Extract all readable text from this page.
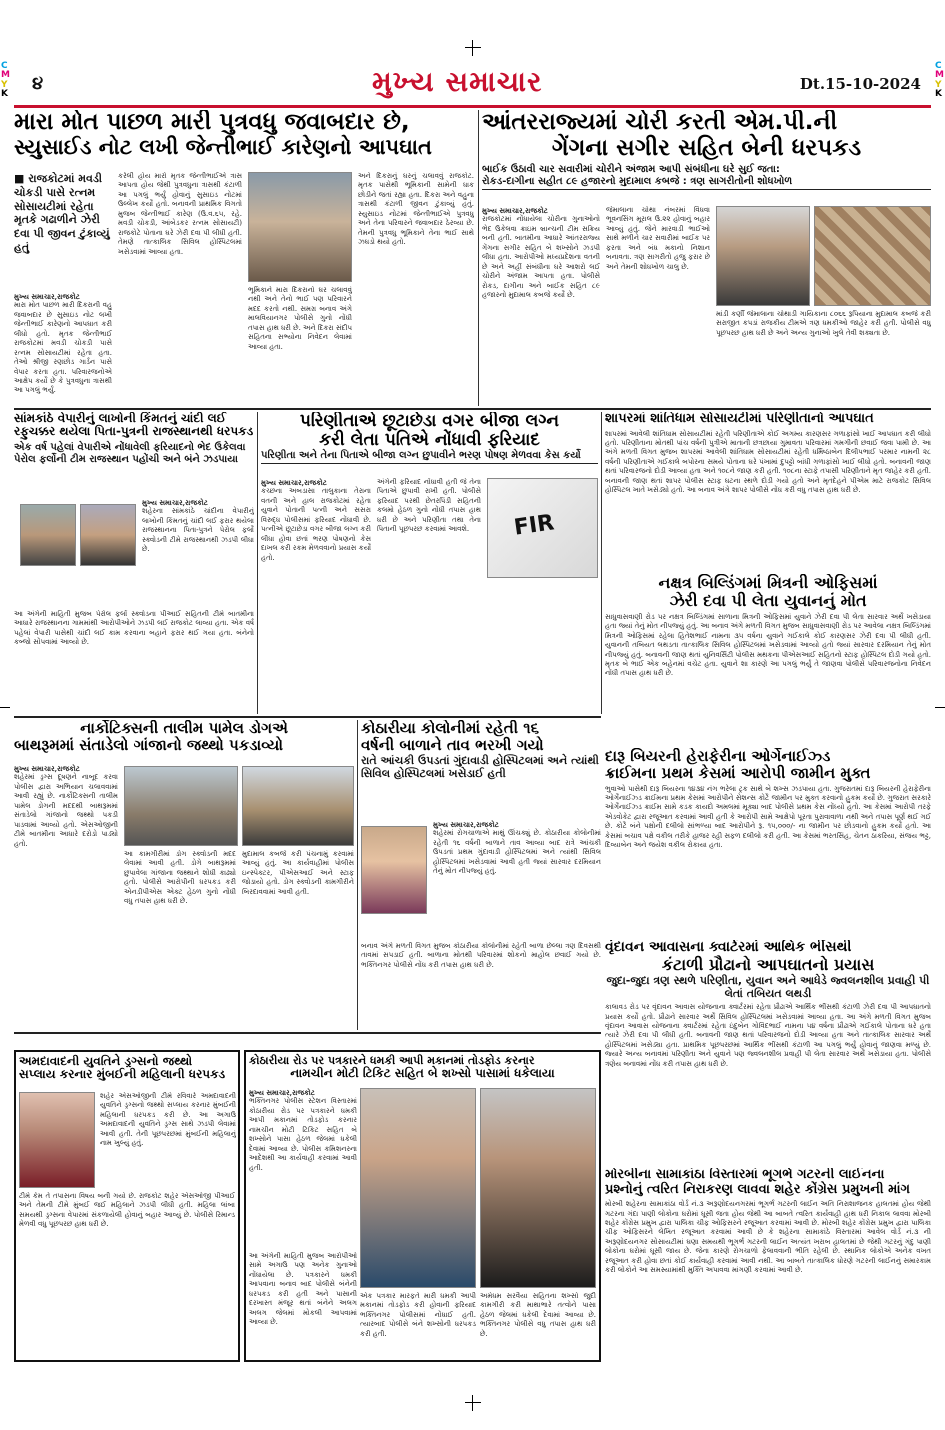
C
M
Y
K
C
M
Y
K
૪	મુખ્ય સમાચાર	Dt.15-10-2024
મારા મોત પાછળ મારી પુત્રવધુ જવાબદાર છે,
સ્યુસાઈડ નોટ લખી જેન્તીભાઈ કારેણનો આપઘાત

■ રાજકોટમાં મવડી ચોકડી પાસે રત્નમ સોસાયટીમાં રહેતા મૃતકે ગઢાળીને ઝેરી દવા પી જીવન ટુંકાવ્યું હતું

મુખ્ય સમાચાર,રાજકોટ

મારા મોત પાછળ મારી દિકરાની વહુ જવાબદાર છે સુસાઇડ નોટ લખી જેન્તીભાઈ કારેણનો આપઘાત કરી લીધો હતો. મૃતક જેન્તીભાઈ રાજકોટમાં મવડી ચોકડી પાસે રત્નમ સોસાયટીમાં રહેતા હતા. તેઓ શ્રીજી રણછોડ ગાર્ડન પાસે વેપાર કરતા હતા. પરિવારજનોએ આક્ષેપ કર્યો છે કે પુત્રવધુના ત્રાસથી આ પગલું ભર્યું.

કરેલી હોય મારો મૃતક જેન્તીભાઈએ ત્રાસ આપતા હોય જેથી પુત્રવધુના ત્રાસથી કંટાળી આ પગલું ભર્યું હોવાનું સુસાઇડ નોટમાં ઉલ્લેખ કર્યો હતો. બનાવની પ્રાથમિક વિગતો મુજબ જેન્તીભાઈ કારેણ (ઉ.વ.૬૫, રહે. મવડી ચોકડી, આંબેડકર રત્નમ સોસાયટી) રાજકોટે પોતાના ઘરે ઝેરી દવા પી લીધી હતી. તેમણે તાત્કાલિક સિવિલ હોસ્પિટલમાં ખસેડવામાં આવ્યા હતા.

ભૂમિકાને મારા દિકરાનો ઘર ચલાવવું નથી અને તેનો ભાઈ પણ પરિવારને મદદ કરતો નથી. સમગ્ર બનાવ અંગે માલવિયાનગર પોલીસે ગુનો નોંધી તપાસ હાથ ધરી છે. અને દિકરા સંદીપ સહિતના સભ્યોના નિવેદન લેવામાં આવ્યા હતા.

અને દિકરાનું ઘરનું ચલાવવું રાજકોટ. મૃતક પાસેથી ભૂમિકાની સામેની ધાક છોડીને જતાં રહ્યા હતા. દિકરા અને વહુના ત્રાસથી કંટાળી જીવન ટુંકાવ્યું હતું. સ્યુસાઇડ નોટમાં જેન્તીભાઈએ પુત્રવધુ અને તેના પરિવારને જવાબદાર ઠેરવ્યા છે. તેમની પુત્રવધુ ભૂમિકાને તેના ભાઈ સાથે ઝઘડો થયો હતો.

આંતરરાજ્યમાં ચોરી કરતી એમ.પી.ની
ગેંગના સગીર સહિત બેની ધરપકડ

બાઈક ઉઠાવી ચાર સવારીમાં ચોરીને અંજામ આપી સંબંધીના ઘરે સુઈ જતા:

રોકડ-દાગીના સહીત ૮૯ હજારનો મુદામાલ કબજે : ત્રણ સાગરીતોની શોધખોળ

મુખ્ય સમાચાર,રાજકોટ

રાજકોટમાં નોંધાયેલા ચોરીના ગુનાઓનો ભેદ ઉકેલવા ક્રાઇમ બ્રાન્ચની ટીમ સક્રિય બની હતી. બાતમીના આધારે આંતરરાજ્ય ગેંગના સગીર સહિત બે શખ્સોને ઝડપી લીધા હતા. આરોપીઓ મધ્યપ્રદેશના વતની છે અને અહીં સંબંધીના ઘરે આશરો લઈ ચોરીને અંજામ આપતા હતા. પોલીસે રોકડ, દાગીના અને બાઈક સહિત ૮૯ હજારનો મુદામાલ કબજે કર્યો છે.

જેમાલાના ચોથા નંબરમાં વિંધવા ભૂવનસિંગ મૂરાલ ઉ.૨૨ હોવાનું બહાર આવ્યું હતું. જેને મારવાડી ભાઈઓ સાથે મળીને ચાર સવારીમાં બાઈક પર ફરતા અને બંધ મકાનો નિશાન બનાવતા. ત્રણ સાગરીતો હજુ ફરાર છે અને તેમની શોધખોળ ચાલુ છે.

માંડી કર્ણી જેમાલાના ચોથાડી ગાયિકાના ૮૦૬૬ રૂપિયાના મુદામાલ કબજે કરી સરાજીત કપડાં રાજકીય ટીમએ ત્રણ ધમકીઓ જાહેર કરી હતી. પોલીસે વધુ પૂછપરછ હાથ ધરી છે અને અન્ય ગુનાઓ ખુલે તેવી શક્યતા છે.

સાંમકાંઠે વેપારીનું લાખોની કિંમતનું ચાંદી લઈ
રફુચક્કર થયેલા પિતા-પુત્રની રાજસ્થાનથી ધરપકડ

એક વર્ષ પહેલાં વેપારીએ નોંધાવેલી ફરિયાદનો ભેદ ઉકેલવા પેરોલ ફર્લોની ટીમ રાજસ્થાન પહોંચી અને બંને ઝડપાયા

મુખ્ય સમાચાર,રાજકોટ

શહેરના સાંમકાંઠે ચાંદીના વેપારીનું લાખોની કિંમતનું ચાંદી લઈ ફરાર થયેલા રાજસ્થાનના પિતા-પુત્રને પેરોલ ફર્લો સ્ક્વોડની ટીમે રાજસ્થાનથી ઝડપી લીધા છે.

આ અંગેની માહિતી મુજબ પેરોલ ફર્લો સ્ક્વોડના પીઆઈ સહિતની ટીમે બાતમીના આધારે રાજસ્થાનના ગામમાંથી આરોપીઓને ઝડપી લઈ રાજકોટ લાવ્યા હતા. એક વર્ષ પહેલાં વેપારી પાસેથી ચાંદી લઈ કામ કરવાના બહાને ફરાર થઈ ગયા હતા. બંનેનો કબ્જો સોંપવામાં આવ્યો છે.

પરિણીતાએ છૂટાછેડા વગર બીજા લગ્ન
કરી લેતા પતિએ નોંધાવી ફરિયાદ

પરિણીતા અને તેના પિતાએ બીજા લગ્ન છુપાવીને ભરણ પોષણ મેળવવા કેસ કર્યો

મુખ્ય સમાચાર,રાજકોટ

કચ્છના અબડાસા તાલુકાના તેરાના વતની અને હાલ રાજકોટમાં રહેતા યુવાને પોતાની પત્ની અને સસરા વિરુદ્ધ પોલીસમાં ફરિયાદ નોંધાવી છે. પત્નીએ છૂટાછેડા વગર બીજા લગ્ન કરી લીધા હોવા છતાં ભરણ પોષણનો કેસ દાખલ કરી રકમ મેળવવાનો પ્રયાસ કર્યો હતો.

અંગેની ફરિયાદ નોંધાવી હતી જે તેના પિતાએ છુપાવી રાખી હતી. પોલીસે ફરિયાદ પરથી છેતરપિંડી સહિતની કલમો હેઠળ ગુનો નોંધી તપાસ હાથ ધરી છે અને પરિણીતા તથા તેના પિતાની પૂછપરછ કરવામાં આવશે.	FIR
શાપરમાં શાંતિધામ સોસાયટીમાં પરિણીતાનો આપઘાત

શાપરમાં આવેલી શાંતિધામ સોસાયટીમાં રહેતી પરિણીતાએ કોઈ અગમ્ય કારણસર ગળાફાંસો ખાઈ આપઘાત કરી લીધો હતો. પરિણીતાના મોતથી પાંચ વર્ષની પુત્રીએ માતાની છત્રછાયા ગુમાવતા પરિવારમાં ગમગીની છવાઈ જવા પામી છે. આ અંગે મળતી વિગત મુજબ શાપરમાં આવેલી શાંતિધામ સોસાયટીમાં રહેતી ધર્મિષ્ઠાબેન દિલીપભાઈ પરમાર નામની ૨૮ વર્ષની પરિણીતાએ ગઈકાલે બપોરના સમયે પોતાના ઘરે પંખામાં દુપટ્ટો બાંધી ગળાફાંસો ખાઈ લીધો હતો. બનાવની જાણ થતાં પરિવારજનો દોડી આવ્યા હતા અને ૧૦૮ને જાણ કરી હતી. ૧૦૮ના સ્ટાફે તપાસી પરિણીતાને મૃત જાહેર કરી હતી. બનાવની જાણ થતાં શાપર પોલીસ સ્ટાફ ઘટના સ્થળે દોડી ગયો હતો અને મૃતદેહને પીએમ માટે રાજકોટ સિવિલ હોસ્પિટલ ખાતે ખસેડ્યો હતો. આ બનાવ અંગે શાપર પોલીસે નોંધ કરી વધુ તપાસ હાથ ધરી છે.

નક્ષત્ર બિલ્ડિંગમાં મિત્રની ઓફિસમાં
ઝેરી દવા પી લેતા યુવાનનું મોત

સાધુવાસવાણી રોડ પર નક્ષત્ર બિલ્ડિંગમાં સાળાના મિત્રની ઓફિસમાં યુવાને ઝેરી દવા પી લેતા સારવાર અર્થે ખસેડાયા હતા જ્યાં તેનું મોત નીપજ્યું હતું. આ બનાવ અંગે મળતી વિગત મુજબ સાધુવાસવાણી રોડ પર આવેલા નક્ષત્ર બિલ્ડિંગમાં મિત્રની ઓફિસમાં રહેલા હિતેશભાઈ નામના ૩૫ વર્ષના યુવાને ગઈકાલે કોઈ કારણસર ઝેરી દવા પી લીધી હતી. યુવાનની તબિયત લથડતા તાત્કાલિક સિવિલ હોસ્પિટલમાં ખસેડવામાં આવ્યો હતો જ્યાં સારવાર દરમિયાન તેનું મોત નીપજ્યું હતું. બનાવની જાણ થતાં યુનિવર્સિટી પોલીસ મથકના પીએસઆઈ સહિતનો સ્ટાફ હોસ્પિટલ દોડી ગયો હતો. મૃતક બે ભાઈ એક બહેનમાં વચેટ હતા. યુવાને શા કારણે આ પગલું ભર્યું તે જાણવા પોલીસે પરિવારજનોના નિવેદન નોંધી તપાસ હાથ ધરી છે.

દારૂ બિયરની હેરાફેરીના ઓર્ગેનાઈઝ્ડ
ક્રાઈમના પ્રથમ કેસમાં આરોપી જામીન મુક્ત

ભુવાઓ પાસેથી દારૂ બિયરના ૧૪૩૪ નંગ ભરેલા ટ્રક સાથે બે શખ્સ ઝડપાયા હતા. ગુજરાતમાં દારૂ બિયરની હેરાફેરીના ઓર્ગેનાઈઝ્ડ ક્રાઈમના પ્રથમ કેસમાં આરોપીને સેશન્સ કોર્ટે જામીન પર મુક્ત કરવાનો હુકમ કર્યો છે. ગુજરાત સરકારે ઓર્ગેનાઈઝ્ડ ક્રાઈમ સામે કડક કાયદો અમલમાં મૂક્યા બાદ પોલીસે પ્રથમ કેસ નોંધ્યો હતો. આ કેસમાં આરોપી તરફે એડવોકેટ દ્વારા રજૂઆત કરવામાં આવી હતી કે આરોપી સામે આક્ષેપો પૂરતા પુરાવાવાળા નથી અને તપાસ પૂર્ણ થઈ ગઈ છે. કોર્ટે બંને પક્ષોની દલીલો સાંભળ્યા બાદ આરોપીને રૂ. ૧૫,૦૦૦/- ના જામીન પર છોડવાનો હુકમ કર્યો હતો. આ કેસમાં બચાવ પક્ષે વકીલ તરીકે હાજર રહી સફળ દલીલો કરી હતી. આ કેસમાં ભરતસિંહ, ચેતન ઠાકરિયા, સંજય ભટ્ટ, દિવ્યાબેન અને જયેશ વકીલ રોકાયા હતા.

નાર્કોટિક્સની તાલીમ પામેલ ડોગએ
બાથરૂમમાં સંતાડેલો ગાંજાનો જથ્થો પકડાવ્યો

મુખ્ય સમાચાર,રાજકોટ

શહેરમાં ડ્રગ્સ દૂષણને નાબૂદ કરવા પોલીસ દ્વારા અભિયાન ચલાવવામાં આવી રહ્યું છે. નાર્કોટિક્સની તાલીમ પામેલ ડોગની મદદથી બાથરૂમમાં સંતાડેલો ગાંજાનો જથ્થો પકડી પાડવામાં આવ્યો હતો. એસઓજીની ટીમે બાતમીના આધારે દરોડો પાડ્યો હતો.

આ કામગીરીમાં ડોગ સ્ક્વોડની મદદ લેવામાં આવી હતી. ડોગે બાથરૂમમાં છુપાવેલા ગાંજાના જથ્થાને શોધી કાઢ્યો હતો. પોલીસે આરોપીની ધરપકડ કરી એનડીપીએસ એક્ટ હેઠળ ગુનો નોંધી વધુ તપાસ હાથ ધરી છે.

મુદામાલ કબજે કરી પંચનામું કરવામાં આવ્યું હતું. આ કાર્યવાહીમાં પોલીસ ઇન્સ્પેક્ટર, પીએસઆઈ અને સ્ટાફ જોડાયો હતો. ડોગ સ્ક્વોડની કામગીરીને બિરદાવવામાં આવી હતી.

કોઠારીયા કોલોનીમાં રહેતી ૧૬
વર્ષની બાળાને તાવ ભરખી ગયો

રાતે આંચકી ઉપડતાં ગુંદાવાડી હોસ્પિટલમાં અને ત્યાંથી સિવિલ હોસ્પિટલમાં ખસેડાઈ હતી

મુખ્ય સમાચાર,રાજકોટ

શહેરમાં રોગચાળાએ માથું ઊંચક્યું છે. કોઠારીયા કોલોનીમાં રહેતી ૧૬ વર્ષની બાળાને તાવ આવ્યા બાદ રાત્રે આંચકી ઉપડતાં પ્રથમ ગુંદાવાડી હોસ્પિટલમાં અને ત્યાંથી સિવિલ હોસ્પિટલમાં ખસેડવામાં આવી હતી જ્યાં સારવાર દરમિયાન તેનું મોત નીપજ્યું હતું.

બનાવ અંગે મળતી વિગત મુજબ કોઠારીયા કોલોનીમાં રહેતી બાળા છેલ્લા ત્રણ દિવસથી તાવમાં સપડાઈ હતી. બાળાના મોતથી પરિવારમાં શોકનો માહોલ છવાઈ ગયો છે. ભક્તિનગર પોલીસે નોંધ કરી તપાસ હાથ ધરી છે.

વૃંદાવન આવાસના ક્વાર્ટરમાં આર્થિક ભીંસથી
કંટાળી પ્રૌઢાનો આપઘાતનો પ્રયાસ

જુદા-જુદા ત્રણ સ્થળે પરિણીતા, યુવાન અને આધેડે જ્વલનશીલ પ્રવાહી પી લેતાં તબિયત લથડી

કાલાવડ રોડ પર વૃંદાવન આવાસ યોજનાના ક્વાર્ટરમાં રહેતા પ્રૌઢાએ આર્થિક ભીંસથી કંટાળી ઝેરી દવા પી આપઘાતનો પ્રયાસ કર્યો હતો. પ્રૌઢાને સારવાર અર્થે સિવિલ હોસ્પિટલમાં ખસેડવામાં આવ્યા હતા. આ અંગે મળતી વિગત મુજબ વૃંદાવન આવાસ યોજનાના ક્વાર્ટરમાં રહેતા ઇંદુબેન ગોવિંદભાઈ નામના ૫૪ વર્ષના પ્રૌઢાએ ગઈકાલે પોતાના ઘરે હતા ત્યારે ઝેરી દવા પી લીધી હતી. બનાવની જાણ થતાં પરિવારજનો દોડી આવ્યા હતા અને તાત્કાલિક સારવાર અર્થે હોસ્પિટલમાં ખસેડ્યા હતા. પ્રાથમિક પૂછપરછમાં આર્થિક ભીંસથી કંટાળી આ પગલું ભર્યું હોવાનું જાણવા મળ્યું છે. જ્યારે અન્ય બનાવમાં પરિણીતા અને યુવાને પણ જ્વલનશીલ પ્રવાહી પી લેતા સારવાર અર્થે ખસેડાયા હતા. પોલીસે ત્રણેય બનાવમાં નોંધ કરી તપાસ હાથ ધરી છે.

અમદાવાદની યુવતિને ડ્રગ્સનો જથ્થો
સપ્લાય કરનાર મુંબઈની મહિલાની ધરપકડ

શહેર એસઓજીની ટીમે રવિવારે અમદાવાદની યુવતિને ડ્રગ્સનો જથ્થો સપ્લાય કરનાર મુંબઈની મહિલાની ધરપકડ કરી છે. આ અગાઉ અમદાવાદની યુવતિને ડ્રગ્સ સાથે ઝડપી લેવામાં આવી હતી. તેની પૂછપરછમાં મુંબઈની મહિલાનું નામ ખુલ્યું હતું.

ટીમે કેમ તે તપાસના વિષય બની ગયો છે. રાજકોટ શહેર એસઓજી પીઆઈ અને તેમની ટીમે મુંબઈ જઈ મહિલાને ઝડપી લીધી હતી. મહિલા લાંબા સમયથી ડ્રગ્સના વેપારમાં સંકળાયેલી હોવાનું બહાર આવ્યું છે. પોલીસે રિમાન્ડ મેળવી વધુ પૂછપરછ હાથ ધરી છે.

કોઠારીયા રોડ પર પત્રકારને ધમકી આપી મકાનમાં તોડફોડ કરનાર
નામચીન મોટી ટિકિટ સહિત બે શખ્સો પાસામાં ધકેલાયા

મુખ્ય સમાચાર,રાજકોટ

ભક્તિનગર પોલીસ સ્ટેશન વિસ્તારમાં કોઠારીયા રોડ પર પત્રકારને ધમકી આપી મકાનમાં તોડફોડ કરનાર નામચીન મોટી ટિકિટ સહિત બે શખ્સોને પાસા હેઠળ જેલમાં ધકેલી દેવામાં આવ્યા છે. પોલીસ કમિશનરના આદેશથી આ કાર્યવાહી કરવામાં આવી હતી.

આ અંગેની માહિતી મુજબ આરોપીઓ સામે અગાઉ પણ અનેક ગુનાઓ નોંધાયેલા છે. પત્રકારને ધમકી આપવાના બનાવ બાદ પોલીસે બંનેની ધરપકડ કરી હતી અને પાસાની દરખાસ્ત મંજૂર થતાં બંનેને અલગ અલગ જેલમાં મોકલી આપવામાં આવ્યા છે.

એક પત્રકાર મારફતે મારી ધમકી આપી મકાનમાં તોડફોડ કરી હોવાની ફરિયાદ ભક્તિનગર પોલીસમાં નોંધાઈ હતી. ત્યારબાદ પોલીસે બંને શખ્સોની ધરપકડ કરી હતી.

અમેધમ સરવૈયા સહિતના શખ્સો જુદી કામગીરી કરી માથાભારે તત્વોને પાસા હેઠળ જેલમાં ધકેલી દેવામાં આવ્યા છે. ભક્તિનગર પોલીસે વધુ તપાસ હાથ ધરી છે.

મોરબીના સામાકાંઠા વિસ્તારમાં ભૂગર્ભ ગટરની લાઈનના
પ્રશ્નોનું ત્વરિત નિરાકરણ લાવવા શહેર કોંગ્રેસ પ્રમુખની માંગ

મોરબી શહેરના સામાકાંઠા વોર્ડ નં.૩ અરૂણોદયનગરમાં ભૂગર્ભ ગટરની લાઈન અતિ નિરાશાજનક હાલતમાં હોય જેથી ગટરના ગંદા પાણી લોકોના ઘરોમાં ઘૂસી જતા હોય જેથી આ બાબતે ત્વરિત કાર્યવાહી હાથ ધરી નિકાલ લાવવા મોરબી શહેર કોંગ્રેસ પ્રમુખ દ્વારા પાલિકા ચીફ ઓફિસરને રજૂઆત કરવામાં આવી છે. મોરબી શહેર કોંગ્રેસ પ્રમુખ દ્વારા પાલિકા ચીફ ઓફિસરને લેખિત રજૂઆત કરવામાં આવી છે કે શહેરના સામાકાંઠે વિસ્તારમાં આવેલ વોર્ડ નં.૩ ની અરૂણોદયનગર સોસાયટીમાં ઘણા સમયથી ભૂગર્ભ ગટરની લાઈન અત્યંત ખરાબ હાલતમાં છે જેથી ગટરનું ગંદુ પાણી લોકોના ઘરોમાં ઘૂસી જાય છે. જેના કારણે રોગચાળો ફેલાવવાની ભીતિ રહેલી છે. સ્થાનિક લોકોએ અનેક વખત રજૂઆત કરી હોવા છતાં કોઈ કાર્યવાહી કરવામાં આવી નથી. આ બાબતે તાત્કાલિક ધોરણે ગટરની લાઈનનું સમારકામ કરી લોકોને આ સમસ્યામાંથી મુક્તિ અપાવવા માંગણી કરવામાં આવી છે.
